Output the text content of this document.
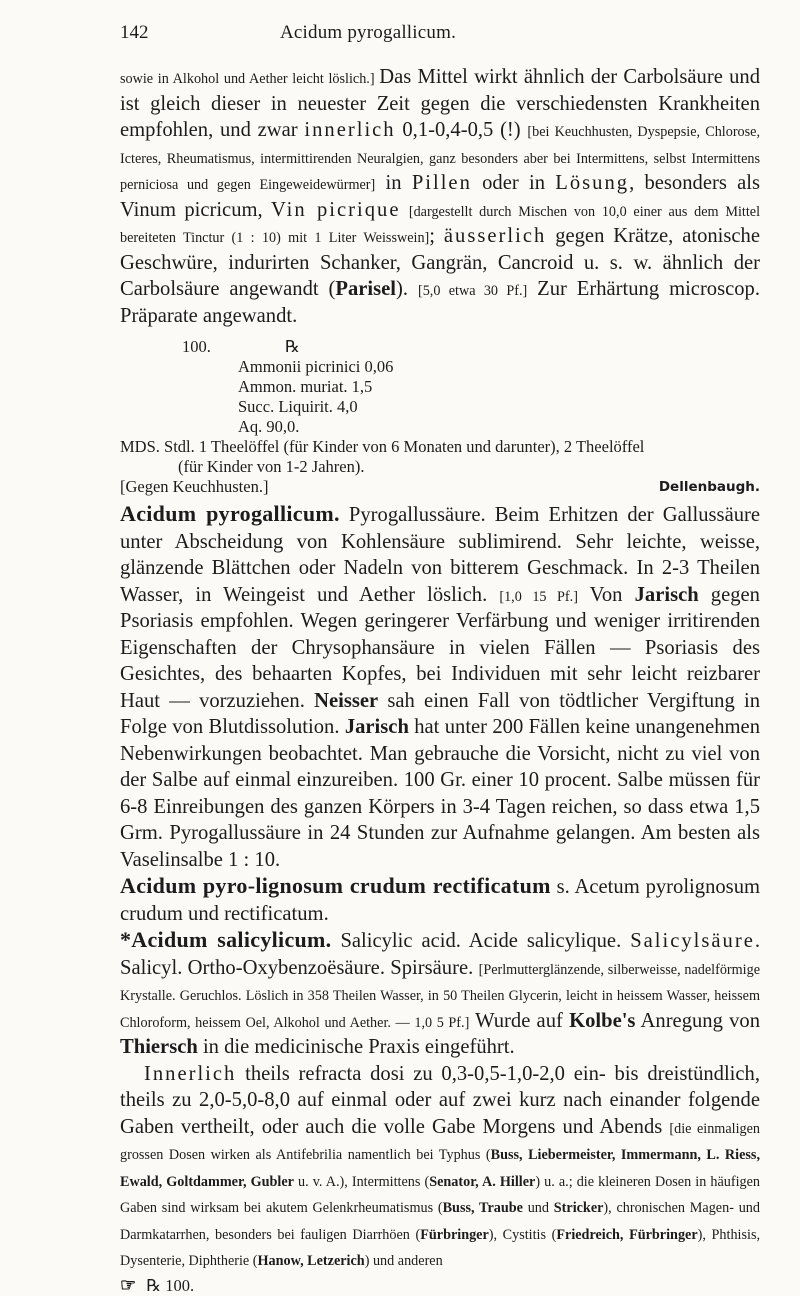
142	Acidum pyrogallicum.

sowie in Alkohol und Aether leicht löslich.] Das Mittel wirkt ähnlich der Carbolsäure und ist gleich dieser in neuester Zeit gegen die verschiedensten Krankheiten empfohlen, und zwar innerlich 0,1-0,4-0,5 (!) [bei Keuchhusten, Dyspepsie, Chlorose, Icteres, Rheumatismus, intermittirenden Neuralgien, ganz besonders aber bei Intermittens, selbst Intermittens perniciosa und gegen Eingeweidewürmer] in Pillen oder in Lösung, besonders als Vinum picricum, Vin picrique [dargestellt durch Mischen von 10,0 einer aus dem Mittel bereiteten Tinctur (1 : 10) mit 1 Liter Weisswein]; äusserlich gegen Krätze, atonische Geschwüre, indurirten Schanker, Gangrän, Cancroid u. s. w. ähnlich der Carbolsäure angewandt (Parisel). [5,0 etwa 30 Pf.] Zur Erhärtung microscop. Präparate angewandt.

100.	℞
Ammonii picrinici 0,06
Ammon. muriat. 1,5
Succ. Liquirit. 4,0
Aq. 90,0.
MDS. Stdl. 1 Theelöffel (für Kinder von 6 Monaten und darunter), 2 Theelöffel
(für Kinder von 1-2 Jahren).
[Gegen Keuchhusten.]	Dellenbaugh.

Acidum pyrogallicum. Pyrogallussäure. Beim Erhitzen der Gallussäure unter Abscheidung von Kohlensäure sublimirend. Sehr leichte, weisse, glänzende Blättchen oder Nadeln von bitterem Geschmack. In 2-3 Theilen Wasser, in Weingeist und Aether löslich. [1,0 15 Pf.] Von Jarisch gegen Psoriasis empfohlen. Wegen geringerer Verfärbung und weniger irritirenden Eigenschaften der Chrysophansäure in vielen Fällen — Psoriasis des Gesichtes, des behaarten Kopfes, bei Individuen mit sehr leicht reizbarer Haut — vorzuziehen. Neisser sah einen Fall von tödtlicher Vergiftung in Folge von Blutdissolution. Jarisch hat unter 200 Fällen keine unangenehmen Nebenwirkungen beobachtet. Man gebrauche die Vorsicht, nicht zu viel von der Salbe auf einmal einzureiben. 100 Gr. einer 10 procent. Salbe müssen für 6-8 Einreibungen des ganzen Körpers in 3-4 Tagen reichen, so dass etwa 1,5 Grm. Pyrogallussäure in 24 Stunden zur Aufnahme gelangen. Am besten als Vaselinsalbe 1 : 10.

Acidum pyro-lignosum crudum rectificatum s. Acetum pyrolignosum crudum und rectificatum.

*Acidum salicylicum. Salicylic acid. Acide salicylique. Salicylsäure. Salicyl. Ortho-Oxybenzoësäure. Spirsäure. [Perlmutterglänzende, silberweisse, nadelförmige Krystalle. Geruchlos. Löslich in 358 Theilen Wasser, in 50 Theilen Glycerin, leicht in heissem Wasser, heissem Chloroform, heissem Oel, Alkohol und Aether. — 1,0 5 Pf.] Wurde auf Kolbe's Anregung von Thiersch in die medicinische Praxis eingeführt.

Innerlich theils refracta dosi zu 0,3-0,5-1,0-2,0 ein- bis dreistündlich, theils zu 2,0-5,0-8,0 auf einmal oder auf zwei kurz nach einander folgende Gaben vertheilt, oder auch die volle Gabe Morgens und Abends [die einmaligen grossen Dosen wirken als Antifebrilia namentlich bei Typhus (Buss, Liebermeister, Immermann, L. Riess, Ewald, Goltdammer, Gubler u. v. A.), Intermittens (Senator, A. Hiller) u. a.; die kleineren Dosen in häufigen Gaben sind wirksam bei akutem Gelenkrheumatismus (Buss, Traube und Stricker), chronischen Magen- und Darmkatarrhen, besonders bei fauligen Diarrhöen (Fürbringer), Cystitis (Friedreich, Fürbringer), Phthisis, Dysenterie, Diphtherie (Hanow, Letzerich) und anderen

☞ ℞ 100.
